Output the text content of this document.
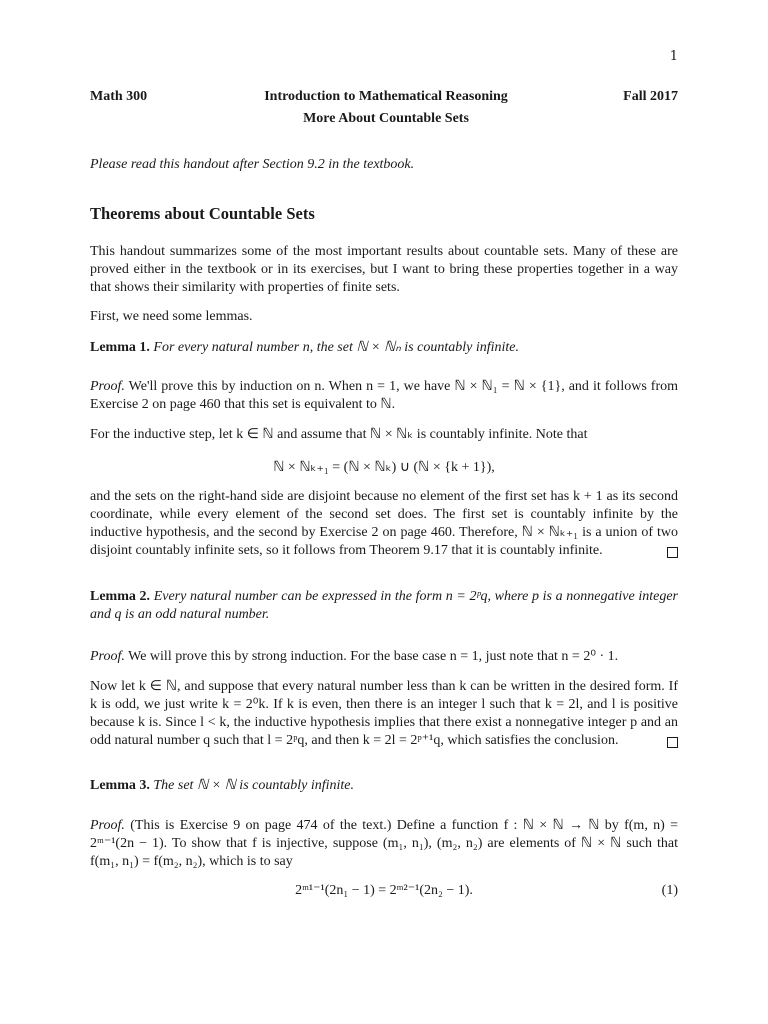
1
Math 300	Introduction to Mathematical Reasoning	Fall 2017
More About Countable Sets
Please read this handout after Section 9.2 in the textbook.
Theorems about Countable Sets
This handout summarizes some of the most important results about countable sets. Many of these are proved either in the textbook or in its exercises, but I want to bring these properties together in a way that shows their similarity with properties of finite sets.
First, we need some lemmas.
Lemma 1. For every natural number n, the set ℕ × ℕₙ is countably infinite.
Proof. We'll prove this by induction on n. When n = 1, we have ℕ × ℕ₁ = ℕ × {1}, and it follows from Exercise 2 on page 460 that this set is equivalent to ℕ.
For the inductive step, let k ∈ ℕ and assume that ℕ × ℕₖ is countably infinite. Note that
ℕ × ℕₖ₊₁ = (ℕ × ℕₖ) ∪ (ℕ × {k + 1}),
and the sets on the right-hand side are disjoint because no element of the first set has k + 1 as its second coordinate, while every element of the second set does. The first set is countably infinite by the inductive hypothesis, and the second by Exercise 2 on page 460. Therefore, ℕ × ℕₖ₊₁ is a union of two disjoint countably infinite sets, so it follows from Theorem 9.17 that it is countably infinite.
Lemma 2. Every natural number can be expressed in the form n = 2ᵖq, where p is a nonnegative integer and q is an odd natural number.
Proof. We will prove this by strong induction. For the base case n = 1, just note that n = 2⁰ · 1.
Now let k ∈ ℕ, and suppose that every natural number less than k can be written in the desired form. If k is odd, we just write k = 2⁰k. If k is even, then there is an integer l such that k = 2l, and l is positive because k is. Since l < k, the inductive hypothesis implies that there exist a nonnegative integer p and an odd natural number q such that l = 2ᵖq, and then k = 2l = 2ᵖ⁺¹q, which satisfies the conclusion.
Lemma 3. The set ℕ × ℕ is countably infinite.
Proof. (This is Exercise 9 on page 474 of the text.) Define a function f : ℕ × ℕ → ℕ by f(m, n) = 2ᵐ⁻¹(2n − 1). To show that f is injective, suppose (m₁, n₁), (m₂, n₂) are elements of ℕ × ℕ such that f(m₁, n₁) = f(m₂, n₂), which is to say
2ᵐ¹⁻¹(2n₁ − 1) = 2ᵐ²⁻¹(2n₂ − 1).	(1)
